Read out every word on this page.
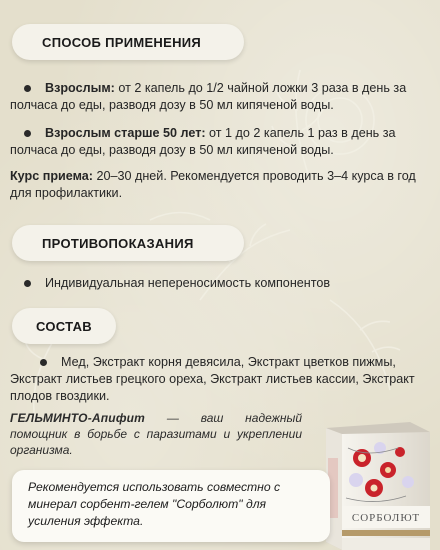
СПОСОБ ПРИМЕНЕНИЯ
Взрослым: от 2 капель до 1/2 чайной ложки 3 раза в день за полчаса до еды, разводя дозу в 50 мл кипяченой воды.
Взрослым старше 50 лет: от 1 до 2 капель 1 раз в день за полчаса до еды, разводя дозу в 50 мл кипяченой воды.
Курс приема: 20–30 дней. Рекомендуется проводить 3–4 курса в год для профилактики.
ПРОТИВОПОКАЗАНИЯ
Индивидуальная непереносимость компонентов
СОСТАВ
Мед, Экстракт корня девясила, Экстракт цветков пижмы, Экстракт листьев грецкого ореха, Экстракт листьев кассии, Экстракт плодов гвоздики.
ГЕЛЬМИНТО-Апифит — ваш надежный помощник в борьбе с паразитами и укреплении организма.
СОРБОЛЮТ
Рекомендуется использовать совместно с минерал сорбент-гелем "Сорболют" для усиления эффекта.
